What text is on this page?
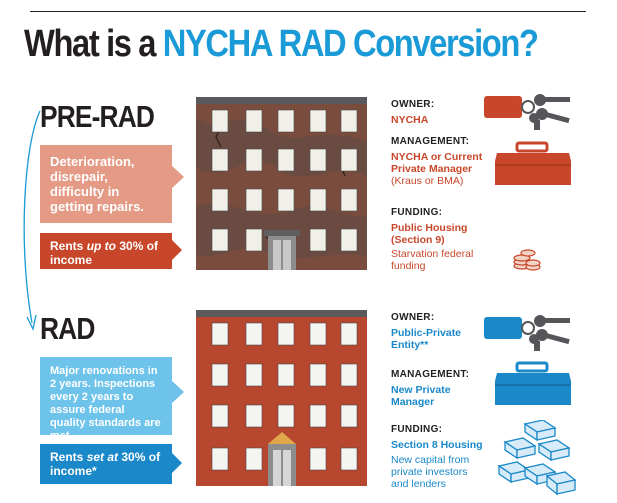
What is a NYCHA RAD Conversion?
PRE-RAD
Deterioration, disrepair, difficulty in getting repairs.
Rents up to 30% of income
OWNER:
NYCHA
MANAGEMENT:
NYCHA or Current Private Manager (Kraus or BMA)
FUNDING:
Public Housing (Section 9)
Starvation federal funding
RAD
Major renovations in 2 years. Inspections every 2 years to assure federal quality standards are met.
Rents set at 30% of income*
OWNER:
Public-Private Entity**
MANAGEMENT:
New Private Manager
FUNDING:
Section 8 Housing
New capital from private investors and lenders
